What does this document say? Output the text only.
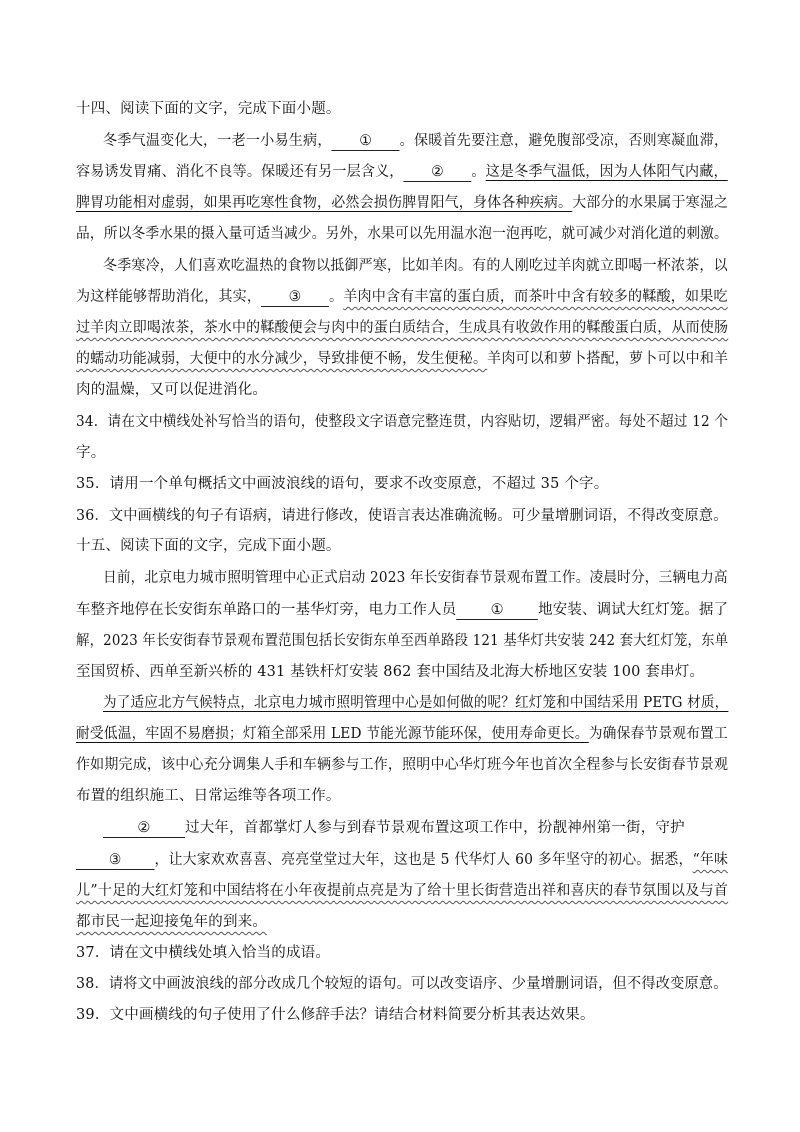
十四、阅读下面的文字，完成下面小题。
冬季气温变化大，一老一小易生病， ① 。保暖首先要注意，避免腹部受凉，否则寒凝血滞，
容易诱发胃痛、消化不良等。保暖还有另一层含义， ② 。这是冬季气温低，因为人体阳气内藏，
脾胃功能相对虚弱，如果再吃寒性食物，必然会损伤脾胃阳气，身体各种疾病。大部分的水果属于寒湿之
品，所以冬季水果的摄入量可适当减少。另外，水果可以先用温水泡一泡再吃，就可减少对消化道的刺激。
冬季寒冷，人们喜欢吃温热的食物以抵御严寒，比如羊肉。有的人刚吃过羊肉就立即喝一杯浓茶，以
为这样能够帮助消化，其实， ③ 。羊肉中含有丰富的蛋白质，而茶叶中含有较多的鞣酸，如果吃
过羊肉立即喝浓茶，茶水中的鞣酸便会与肉中的蛋白质结合，生成具有收敛作用的鞣酸蛋白质，从而使肠
的蠕动功能减弱，大便中的水分减少，导致排便不畅，发生便秘。羊肉可以和萝卜搭配，萝卜可以中和羊
肉的温燥，又可以促进消化。
34．请在文中横线处补写恰当的语句，使整段文字语意完整连贯，内容贴切，逻辑严密。每处不超过 12 个
字。
35．请用一个单句概括文中画波浪线的语句，要求不改变原意，不超过 35 个字。
36．文中画横线的句子有语病，请进行修改，使语言表达准确流畅。可少量增删词语，不得改变原意。
十五、阅读下面的文字，完成下面小题。
日前，北京电力城市照明管理中心正式启动 2023 年长安街春节景观布置工作。凌晨时分，三辆电力高
车整齐地停在长安街东单路口的一基华灯旁，电力工作人员 ① 地安装、调试大红灯笼。据了
解，2023 年长安街春节景观布置范围包括长安街东单至西单路段 121 基华灯共安装 242 套大红灯笼，东单
至国贸桥、西单至新兴桥的 431 基铁杆灯安装 862 套中国结及北海大桥地区安装 100 套串灯。
为了适应北方气候特点，北京电力城市照明管理中心是如何做的呢？红灯笼和中国结采用 PETG 材质，
耐受低温，牢固不易磨损；灯箱全部采用 LED 节能光源节能环保，使用寿命更长。为确保春节景观布置工
作如期完成，该中心充分调集人手和车辆参与工作，照明中心华灯班今年也首次全程参与长安街春节景观
布置的组织施工、日常运维等各项工作。
② 过大年，首都掌灯人参与到春节景观布置这项工作中，扮靓神州第一街，守护
③ ，让大家欢欢喜喜、亮亮堂堂过大年，这也是 5 代华灯人 60 多年坚守的初心。据悉，“年味
儿”十足的大红灯笼和中国结将在小年夜提前点亮是为了给十里长街营造出祥和喜庆的春节氛围以及与首
都市民一起迎接兔年的到来。
37．请在文中横线处填入恰当的成语。
38．请将文中画波浪线的部分改成几个较短的语句。可以改变语序、少量增删词语，但不得改变原意。
39．文中画横线的句子使用了什么修辞手法？请结合材料简要分析其表达效果。
